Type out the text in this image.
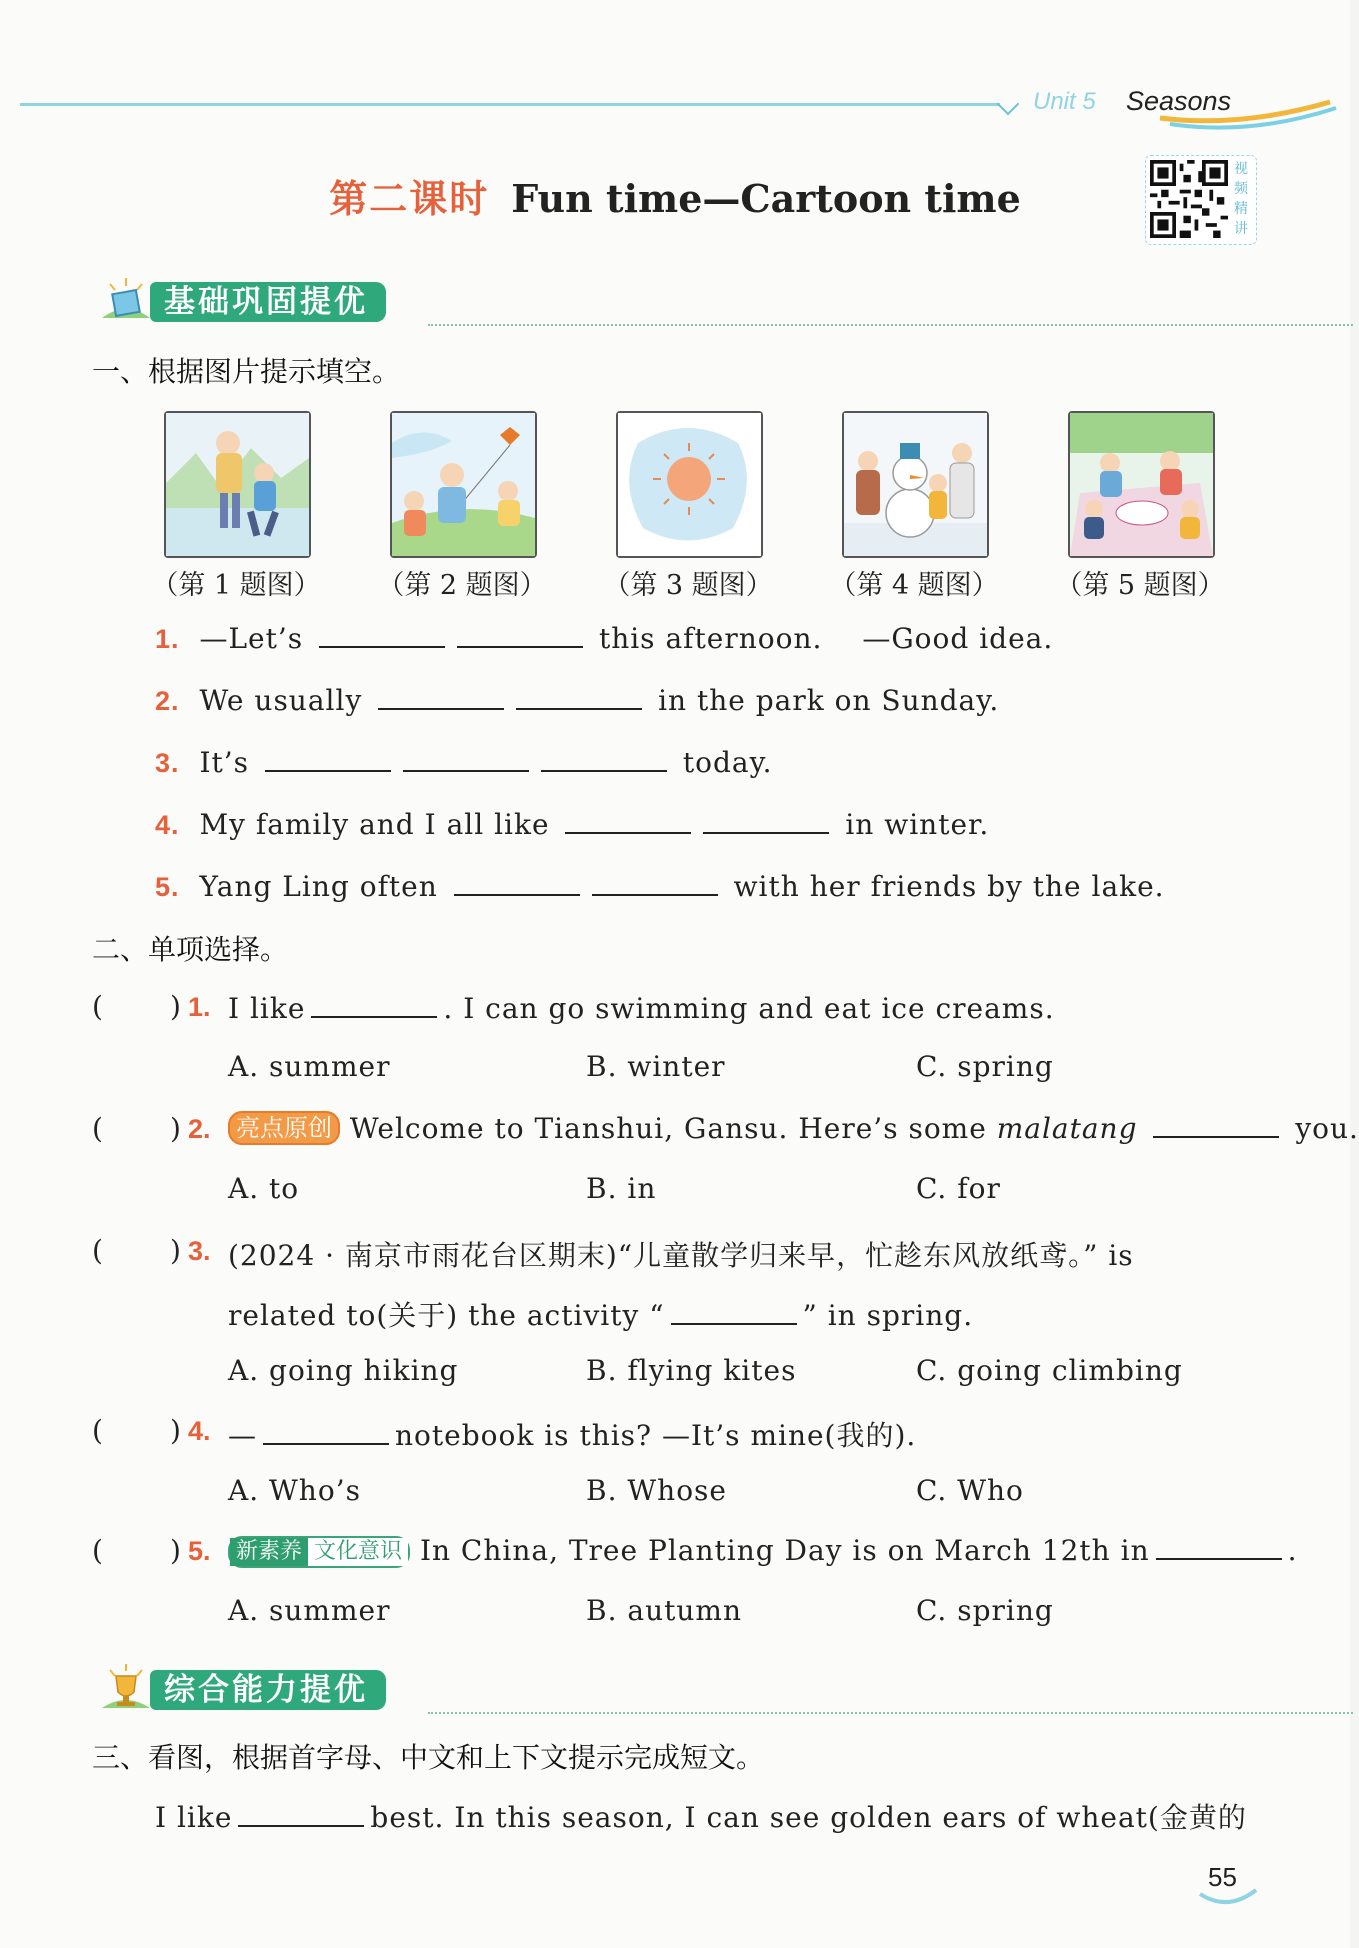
Unit 5 Seasons
第二课时 Fun time—Cartoon time
视
频
精
讲
基础巩固提优
一、根据图片提示填空。
（第 1 题图）	（第 2 题图）	（第 3 题图）	（第 4 题图）	（第 5 题图）
1. —Let’s	this afternoon. —Good idea.
2. We usually	in the park on Sunday.
3. It’s	today.
4. My family and I all like	in winter.
5. Yang Ling often	with her friends by the lake.
二、单项选择。
( ) 1. I like	. I can go swimming and eat ice creams.
A. summer	B. winter	C. spring
( ) 2.	亮点原创 Welcome to Tianshui, Gansu. Here’s some malatang	you.
A. to	B. in	C. for
( ) 3. (2024 · 南京市雨花台区期末)“儿童散学归来早，忙趁东风放纸鸢。” is
related to(关于) the activity “	” in spring.
A. going hiking	B. flying kites	C. going climbing
( ) 4. —	notebook is this? —It’s mine(我的).
A. Who’s	B. Whose	C. Who
( ) 5.	新素养 文化意识 In China, Tree Planting Day is on March 12th in	.
A. summer	B. autumn	C. spring
综合能力提优
三、看图，根据首字母、中文和上下文提示完成短文。
I like	best. In this season, I can see golden ears of wheat(金黄的
55
